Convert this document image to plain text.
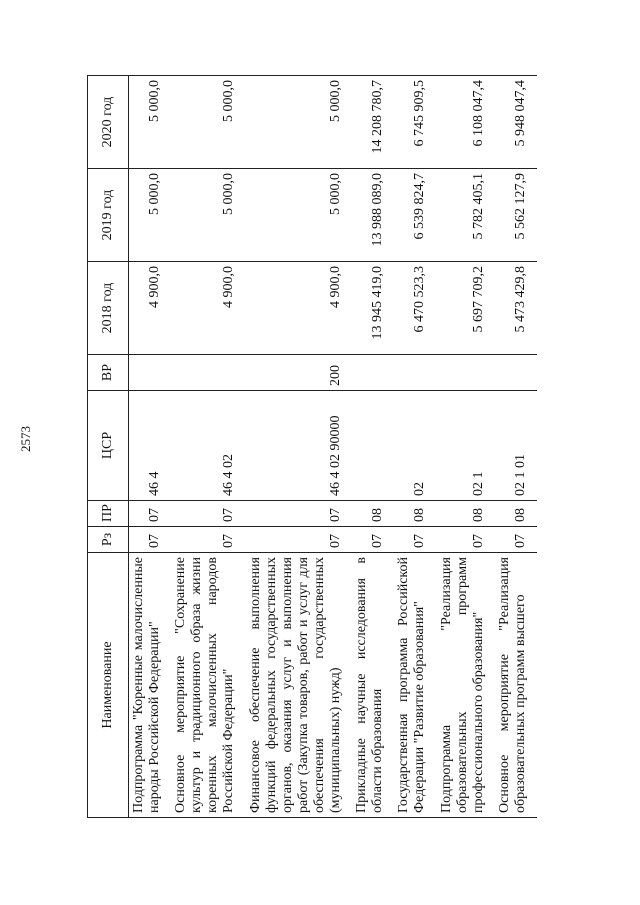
2573
Наименование	Рз	ПР	ЦСР	ВР	2018 год	2019 год	2020 год
Подпрограмма "Коренные малочисленные народы Российской Федерации"	07	07	46 4		4 900,0	5 000,0	5 000,0
Основное мероприятие "Сохранение культур и традиционного образа жизни коренных малочисленных народов Российской Федерации"	07	07	46 4 02		4 900,0	5 000,0	5 000,0
Финансовое обеспечение выполнения функций федеральных государственных органов, оказания услуг и выполнения работ (Закупка товаров, работ и услуг для обеспечения государственных (муниципальных) нужд)	07	07	46 4 02 90000	200	4 900,0	5 000,0	5 000,0
Прикладные научные исследования в области образования	07	08			13 945 419,0	13 988 089,0	14 208 780,7
Государственная программа Российской Федерации "Развитие образования"	07	08	02		6 470 523,3	6 539 824,7	6 745 909,5
Подпрограмма "Реализация образовательных программ профессионального образования"	07	08	02 1		5 697 709,2	5 782 405,1	6 108 047,4
Основное мероприятие "Реализация образовательных программ высшего	07	08	02 1 01		5 473 429,8	5 562 127,9	5 948 047,4
